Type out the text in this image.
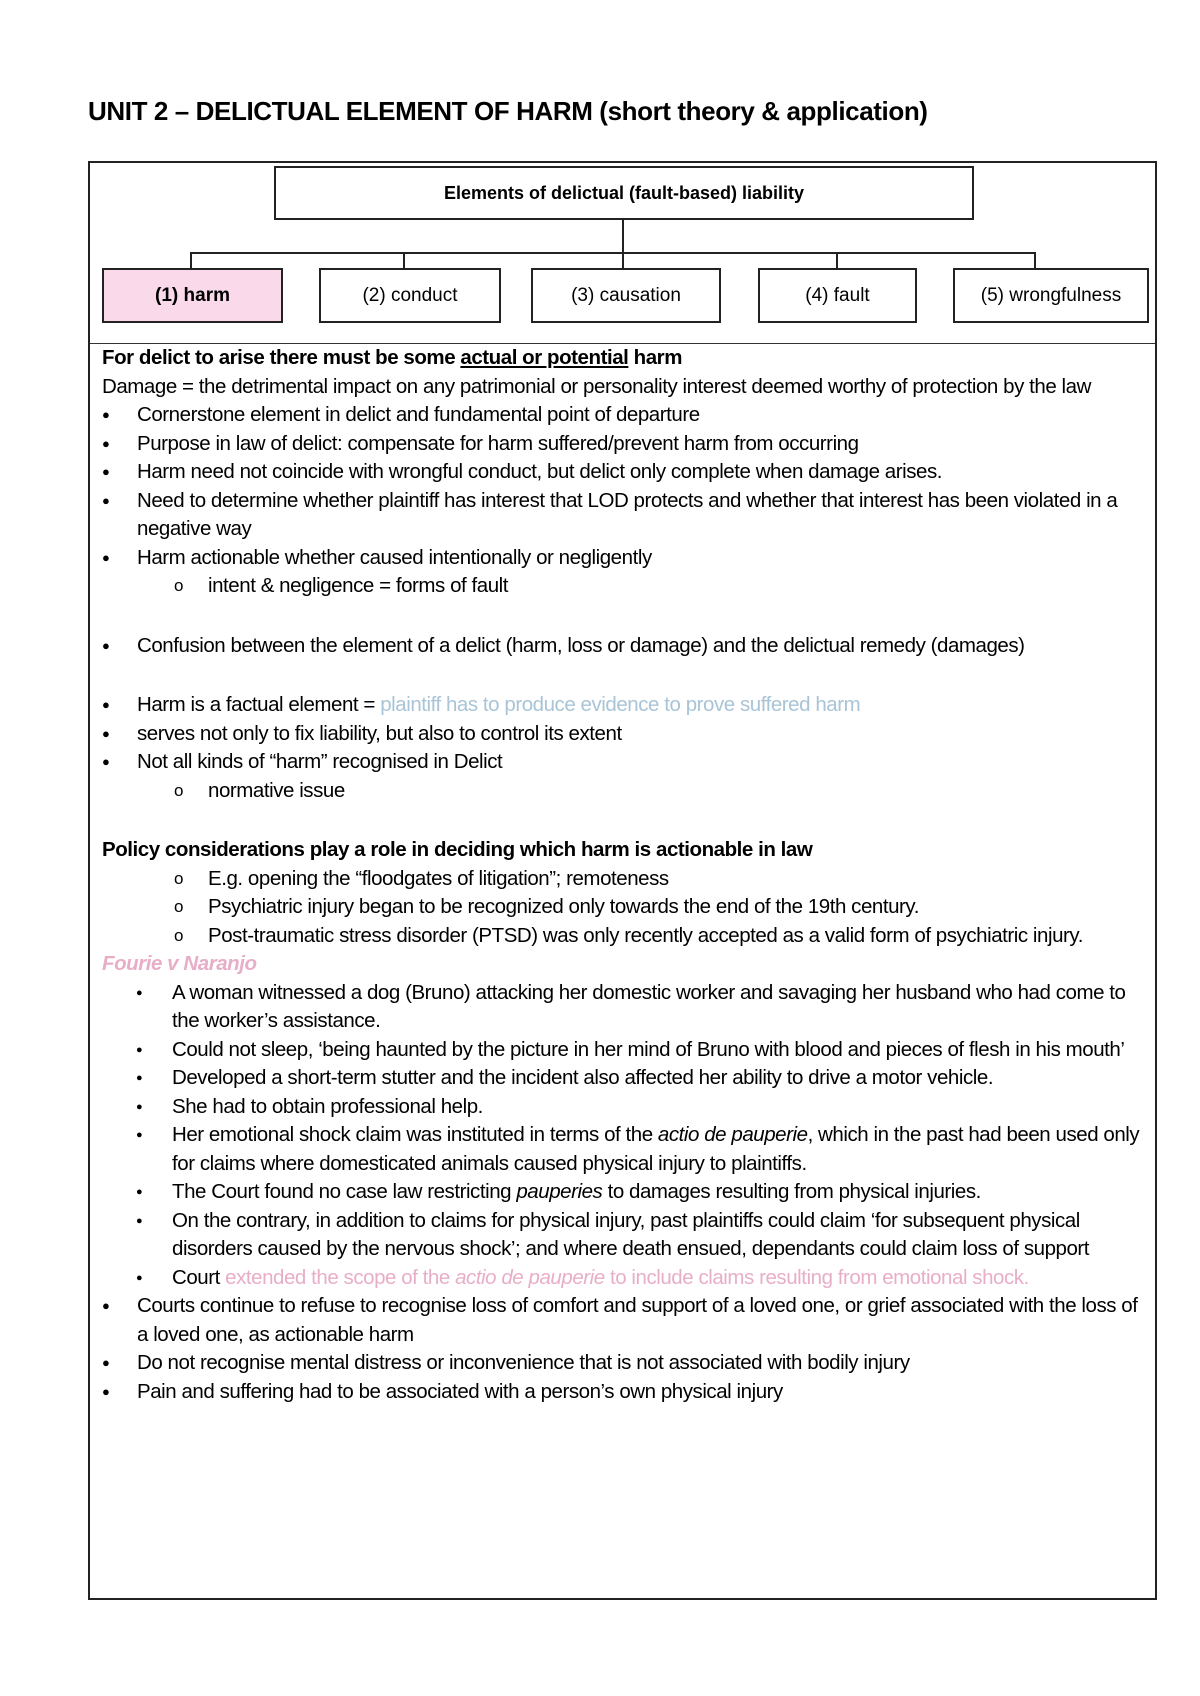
UNIT 2 – DELICTUAL ELEMENT OF HARM (short theory & application)
Elements of delictual (fault-based) liability
(1) harm	(2) conduct	(3) causation	(4) fault	(5) wrongfulness

For delict to arise there must be some actual or potential harm

Damage = the detrimental impact on any patrimonial or personality interest deemed worthy of protection by the law

● Cornerstone element in delict and fundamental point of departure
● Purpose in law of delict: compensate for harm suffered/prevent harm from occurring
● Harm need not coincide with wrongful conduct, but delict only complete when damage arises.
● Need to determine whether plaintiff has interest that LOD protects and whether that interest has been violated in a negative way
● Harm actionable whether caused intentionally or negligently
o intent & negligence = forms of fault
● Confusion between the element of a delict (harm, loss or damage) and the delictual remedy (damages)
● Harm is a factual element = plaintiff has to produce evidence to prove suffered harm
● serves not only to fix liability, but also to control its extent
● Not all kinds of “harm” recognised in Delict
o normative issue

Policy considerations play a role in deciding which harm is actionable in law

o E.g. opening the “floodgates of litigation”; remoteness
o Psychiatric injury began to be recognized only towards the end of the 19th century.
o Post-traumatic stress disorder (PTSD) was only recently accepted as a valid form of psychiatric injury.

Fourie v Naranjo

● A woman witnessed a dog (Bruno) attacking her domestic worker and savaging her husband who had come to the worker’s assistance.
● Could not sleep, ‘being haunted by the picture in her mind of Bruno with blood and pieces of flesh in his mouth’
● Developed a short-term stutter and the incident also affected her ability to drive a motor vehicle.
● She had to obtain professional help.
● Her emotional shock claim was instituted in terms of the actio de pauperie, which in the past had been used only for claims where domesticated animals caused physical injury to plaintiffs.
● The Court found no case law restricting pauperies to damages resulting from physical injuries.
● On the contrary, in addition to claims for physical injury, past plaintiffs could claim ‘for subsequent physical disorders caused by the nervous shock’; and where death ensued, dependants could claim loss of support
● Court extended the scope of the actio de pauperie to include claims resulting from emotional shock.
● Courts continue to refuse to recognise loss of comfort and support of a loved one, or grief associated with the loss of a loved one, as actionable harm
● Do not recognise mental distress or inconvenience that is not associated with bodily injury
● Pain and suffering had to be associated with a person’s own physical injury
